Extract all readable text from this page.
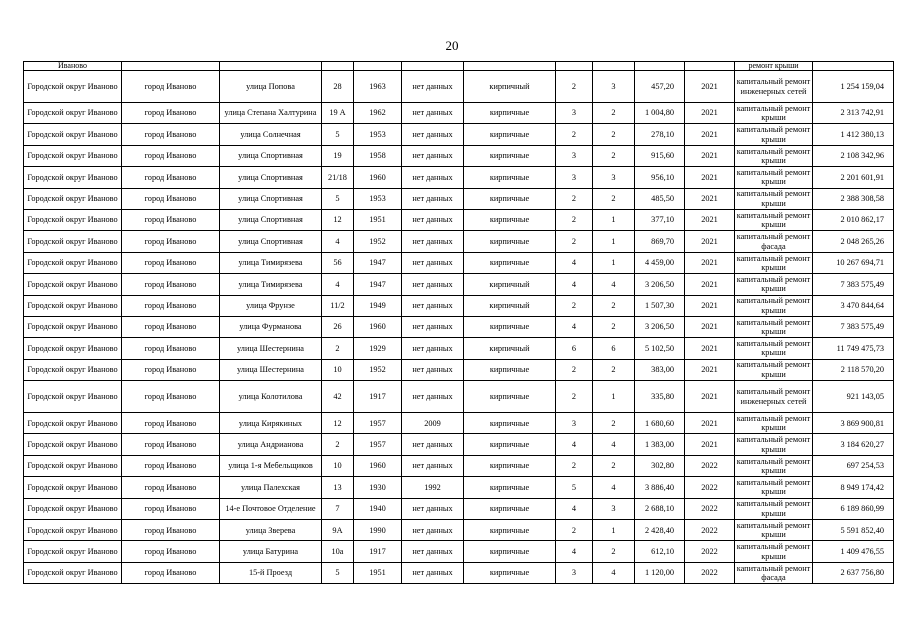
20
Иваново											ремонт крыши	
Городской округ Иваново	город Иваново	улица Попова	28	1963	нет данных	кирпичный	2	3	457,20	2021	капитальный ремонт инженерных сетей	1 254 159,04
Городской округ Иваново	город Иваново	улица Степана Халтурина	19 А	1962	нет данных	кирпичные	3	2	1 004,80	2021	капитальный ремонт крыши	2 313 742,91
Городской округ Иваново	город Иваново	улица Солнечная	5	1953	нет данных	кирпичные	2	2	278,10	2021	капитальный ремонт крыши	1 412 380,13
Городской округ Иваново	город Иваново	улица Спортивная	19	1958	нет данных	кирпичные	3	2	915,60	2021	капитальный ремонт крыши	2 108 342,96
Городской округ Иваново	город Иваново	улица Спортивная	21/18	1960	нет данных	кирпичные	3	3	956,10	2021	капитальный ремонт крыши	2 201 601,91
Городской округ Иваново	город Иваново	улица Спортивная	5	1953	нет данных	кирпичные	2	2	485,50	2021	капитальный ремонт крыши	2 388 308,58
Городской округ Иваново	город Иваново	улица Спортивная	12	1951	нет данных	кирпичные	2	1	377,10	2021	капитальный ремонт крыши	2 010 862,17
Городской округ Иваново	город Иваново	улица Спортивная	4	1952	нет данных	кирпичные	2	1	869,70	2021	капитальный ремонт фасада	2 048 265,26
Городской округ Иваново	город Иваново	улица Тимирязева	56	1947	нет данных	кирпичные	4	1	4 459,00	2021	капитальный ремонт крыши	10 267 694,71
Городской округ Иваново	город Иваново	улица Тимирязева	4	1947	нет данных	кирпичный	4	4	3 206,50	2021	капитальный ремонт крыши	7 383 575,49
Городской округ Иваново	город Иваново	улица Фрунзе	11/2	1949	нет данных	кирпичный	2	2	1 507,30	2021	капитальный ремонт крыши	3 470 844,64
Городской округ Иваново	город Иваново	улица Фурманова	26	1960	нет данных	кирпичные	4	2	3 206,50	2021	капитальный ремонт крыши	7 383 575,49
Городской округ Иваново	город Иваново	улица Шестернина	2	1929	нет данных	кирпичный	6	6	5 102,50	2021	капитальный ремонт крыши	11 749 475,73
Городской округ Иваново	город Иваново	улица Шестернина	10	1952	нет данных	кирпичные	2	2	383,00	2021	капитальный ремонт крыши	2 118 570,20
Городской округ Иваново	город Иваново	улица Колотилова	42	1917	нет данных	кирпичные	2	1	335,80	2021	капитальный ремонт инженерных сетей	921 143,05
Городской округ Иваново	город Иваново	улица Кирякиных	12	1957	2009	кирпичные	3	2	1 680,60	2021	капитальный ремонт крыши	3 869 900,81
Городской округ Иваново	город Иваново	улица Андрианова	2	1957	нет данных	кирпичные	4	4	1 383,00	2021	капитальный ремонт крыши	3 184 620,27
Городской округ Иваново	город Иваново	улица 1-я Мебельщиков	10	1960	нет данных	кирпичные	2	2	302,80	2022	капитальный ремонт крыши	697 254,53
Городской округ Иваново	город Иваново	улица Палехская	13	1930	1992	кирпичные	5	4	3 886,40	2022	капитальный ремонт крыши	8 949 174,42
Городской округ Иваново	город Иваново	14-е Почтовое Отделение	7	1940	нет данных	кирпичные	4	3	2 688,10	2022	капитальный ремонт крыши	6 189 860,99
Городской округ Иваново	город Иваново	улица Зверева	9А	1990	нет данных	кирпичные	2	1	2 428,40	2022	капитальный ремонт крыши	5 591 852,40
Городской округ Иваново	город Иваново	улица Батурина	10а	1917	нет данных	кирпичные	4	2	612,10	2022	капитальный ремонт крыши	1 409 476,55
Городской округ Иваново	город Иваново	15-й Проезд	5	1951	нет данных	кирпичные	3	4	1 120,00	2022	капитальный ремонт фасада	2 637 756,80
